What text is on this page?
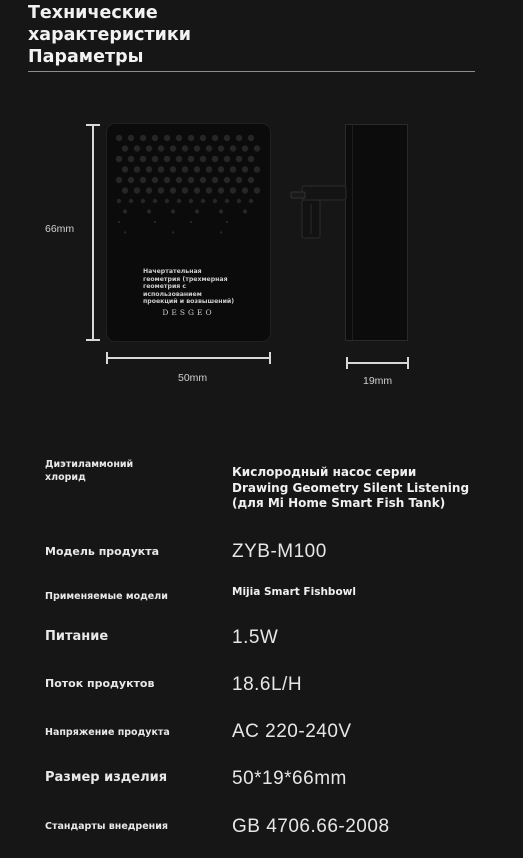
Технические
характеристики
Параметры
Начертательная
геометрия (трехмерная
геометрия с
использованием
проекций и возвышений)
DESGEO
66mm
50mm	19mm
Диэтиламмоний
хлорид	Кислородный насос серии
Drawing Geometry Silent Listening
(для Mi Home Smart Fish Tank)
Модель продукта	ZYB-M100
Применяемые модели	Mijia Smart Fishbowl
Питание	1.5W
Поток продуктов	18.6L/H
Напряжение продукта	AC 220-240V
Размер изделия	50*19*66mm
Стандарты внедрения	GB 4706.66-2008
